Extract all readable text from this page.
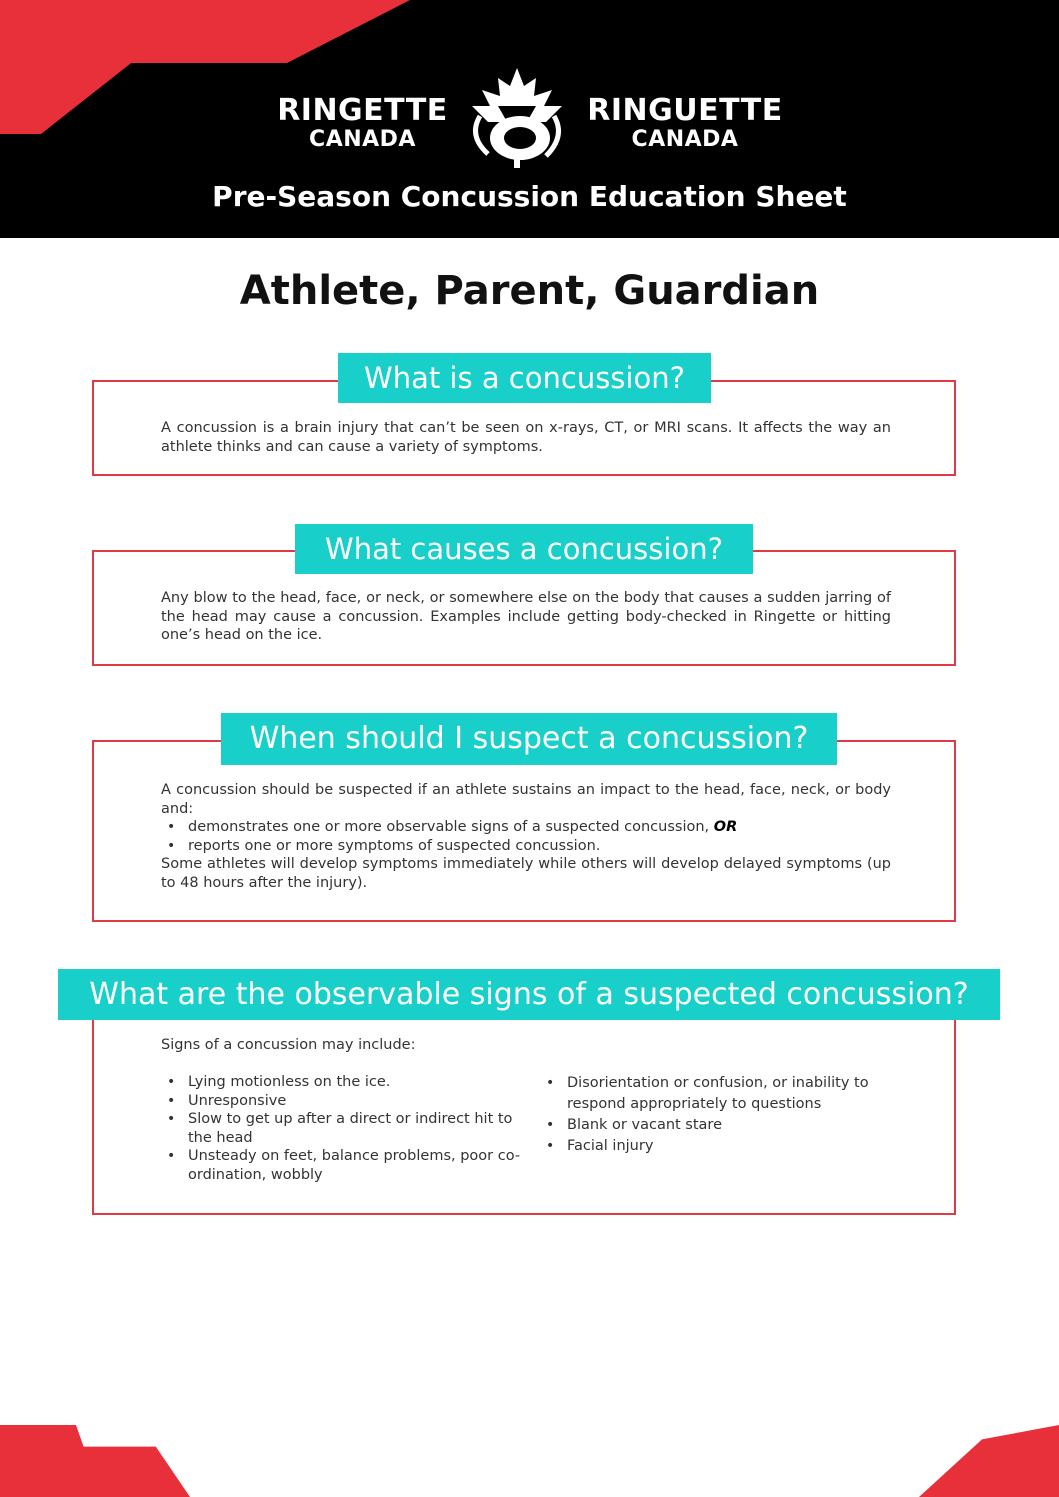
RINGETTE
CANADA
RINGUETTE
CANADA
Pre-Season Concussion Education Sheet
Athlete, Parent, Guardian
What is a concussion?

A concussion is a brain injury that can’t be seen on x-rays, CT, or MRI scans. It affects the way an athlete thinks and can cause a variety of symptoms.

What causes a concussion?

Any blow to the head, face, or neck, or somewhere else on the body that causes a sudden jarring of the head may cause a concussion. Examples include getting body-checked in Ringette or hitting one’s head on the ice.

When should I suspect a concussion?

A concussion should be suspected if an athlete sustains an impact to the head, face, neck, or body and:

• demonstrates one or more observable signs of a suspected concussion, OR
• reports one or more symptoms of suspected concussion.

Some athletes will develop symptoms immediately while others will develop delayed symptoms (up to 48 hours after the injury).

What are the observable signs of a suspected concussion?

Signs of a concussion may include:

• Lying motionless on the ice.
• Unresponsive
• Slow to get up after a direct or indirect hit to the head
• Unsteady on feet, balance problems, poor co-ordination, wobbly
• Disorientation or confusion, or inability to respond appropriately to questions
• Blank or vacant stare
• Facial injury
